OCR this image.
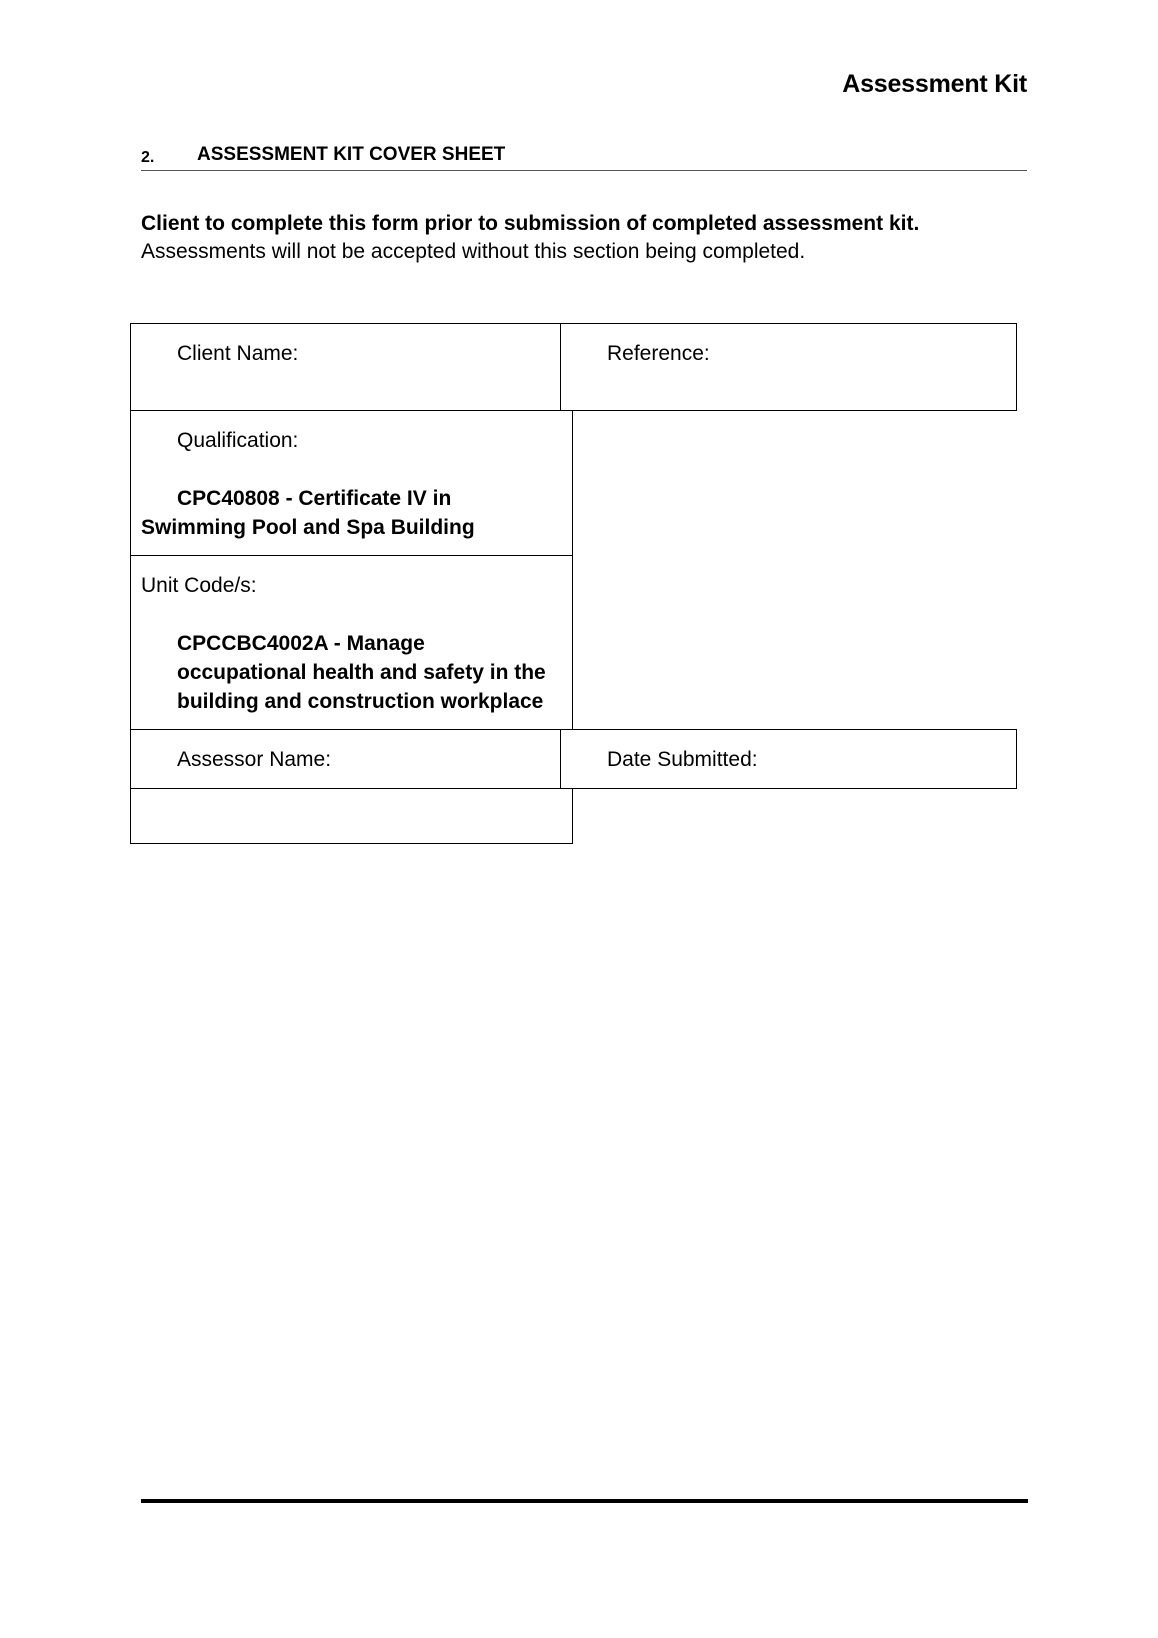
Assessment Kit
2. ASSESSMENT KIT COVER SHEET
Client to complete this form prior to submission of completed assessment kit.
Assessments will not be accepted without this section being completed.
Client Name:	Reference:
Qualification:
CPC40808 - Certificate IV in Swimming Pool and Spa Building
Unit Code/s:
CPCCBC4002A - Manage occupational health and safety in the building and construction workplace
Assessor Name:	Date Submitted:
